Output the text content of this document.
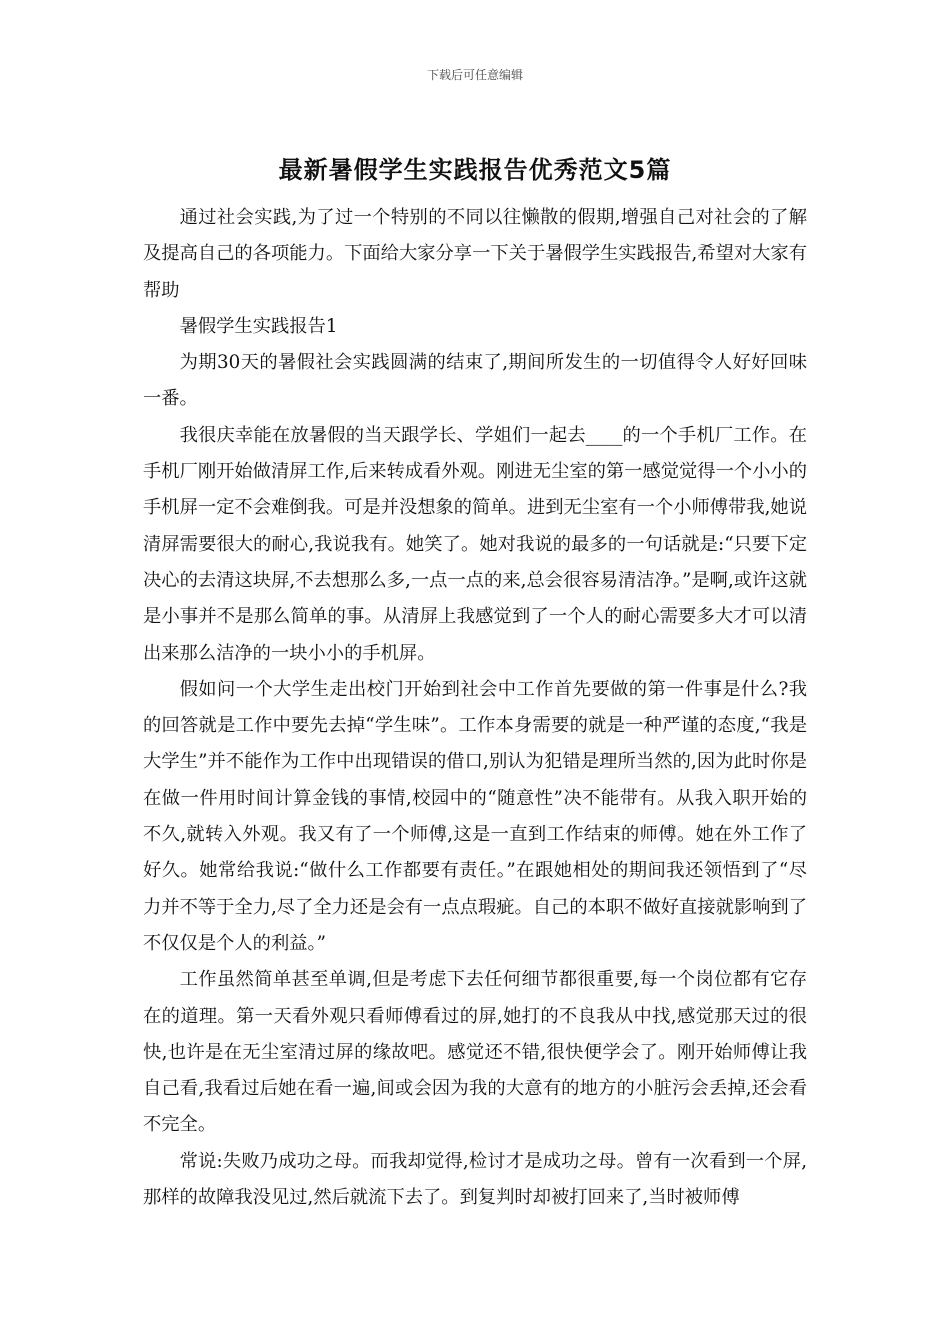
下载后可任意编辑
最新暑假学生实践报告优秀范文5篇

通过社会实践,为了过一个特别的不同以往懒散的假期,增强自己对社会的了解及提高自己的各项能力。下面给大家分享一下关于暑假学生实践报告,希望对大家有帮助

暑假学生实践报告1

为期30天的暑假社会实践圆满的结束了,期间所发生的一切值得令人好好回味一番。

我很庆幸能在放暑假的当天跟学长、学姐们一起去____的一个手机厂工作。在手机厂刚开始做清屏工作,后来转成看外观。刚进无尘室的第一感觉觉得一个小小的手机屏一定不会难倒我。可是并没想象的简单。进到无尘室有一个小师傅带我,她说清屏需要很大的耐心,我说我有。她笑了。她对我说的最多的一句话就是:“只要下定决心的去清这块屏,不去想那么多,一点一点的来,总会很容易清洁净。”是啊,或许这就是小事并不是那么简单的事。从清屏上我感觉到了一个人的耐心需要多大才可以清出来那么洁净的一块小小的手机屏。

假如问一个大学生走出校门开始到社会中工作首先要做的第一件事是什么?我的回答就是工作中要先去掉“学生味”。工作本身需要的就是一种严谨的态度,“我是大学生”并不能作为工作中出现错误的借口,别认为犯错是理所当然的,因为此时你是在做一件用时间计算金钱的事情,校园中的“随意性”决不能带有。从我入职开始的不久,就转入外观。我又有了一个师傅,这是一直到工作结束的师傅。她在外工作了好久。她常给我说:“做什么工作都要有责任。”在跟她相处的期间我还领悟到了“尽力并不等于全力,尽了全力还是会有一点点瑕疵。自己的本职不做好直接就影响到了不仅仅是个人的利益。”

工作虽然简单甚至单调,但是考虑下去任何细节都很重要,每一个岗位都有它存在的道理。第一天看外观只看师傅看过的屏,她打的不良我从中找,感觉那天过的很快,也许是在无尘室清过屏的缘故吧。感觉还不错,很快便学会了。刚开始师傅让我自己看,我看过后她在看一遍,间或会因为我的大意有的地方的小脏污会丢掉,还会看不完全。

常说:失败乃成功之母。而我却觉得,检讨才是成功之母。曾有一次看到一个屏,那样的故障我没见过,然后就流下去了。到复判时却被打回来了,当时被师傅
